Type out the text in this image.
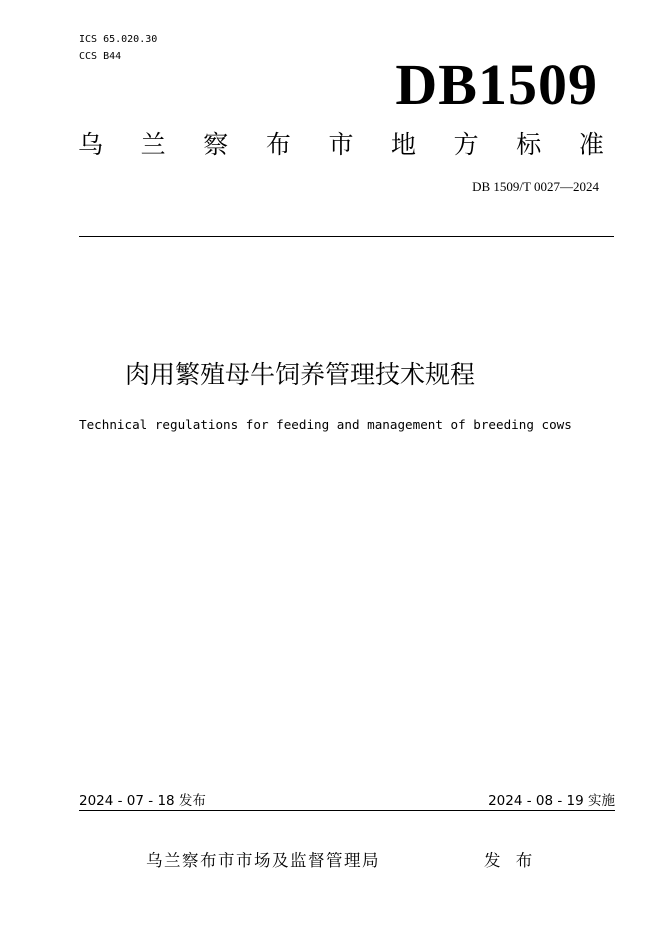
ICS 65.020.30
CCS B44	DB1509
乌 兰 察 布 市 地 方 标 准
DB 1509/T 0027—2024
肉用繁殖母牛饲养管理技术规程
Technical regulations for feeding and management of breeding cows
2024 - 07 - 18 发布	2024 - 08 - 19 实施
乌兰察布市市场及监督管理局	发 布
